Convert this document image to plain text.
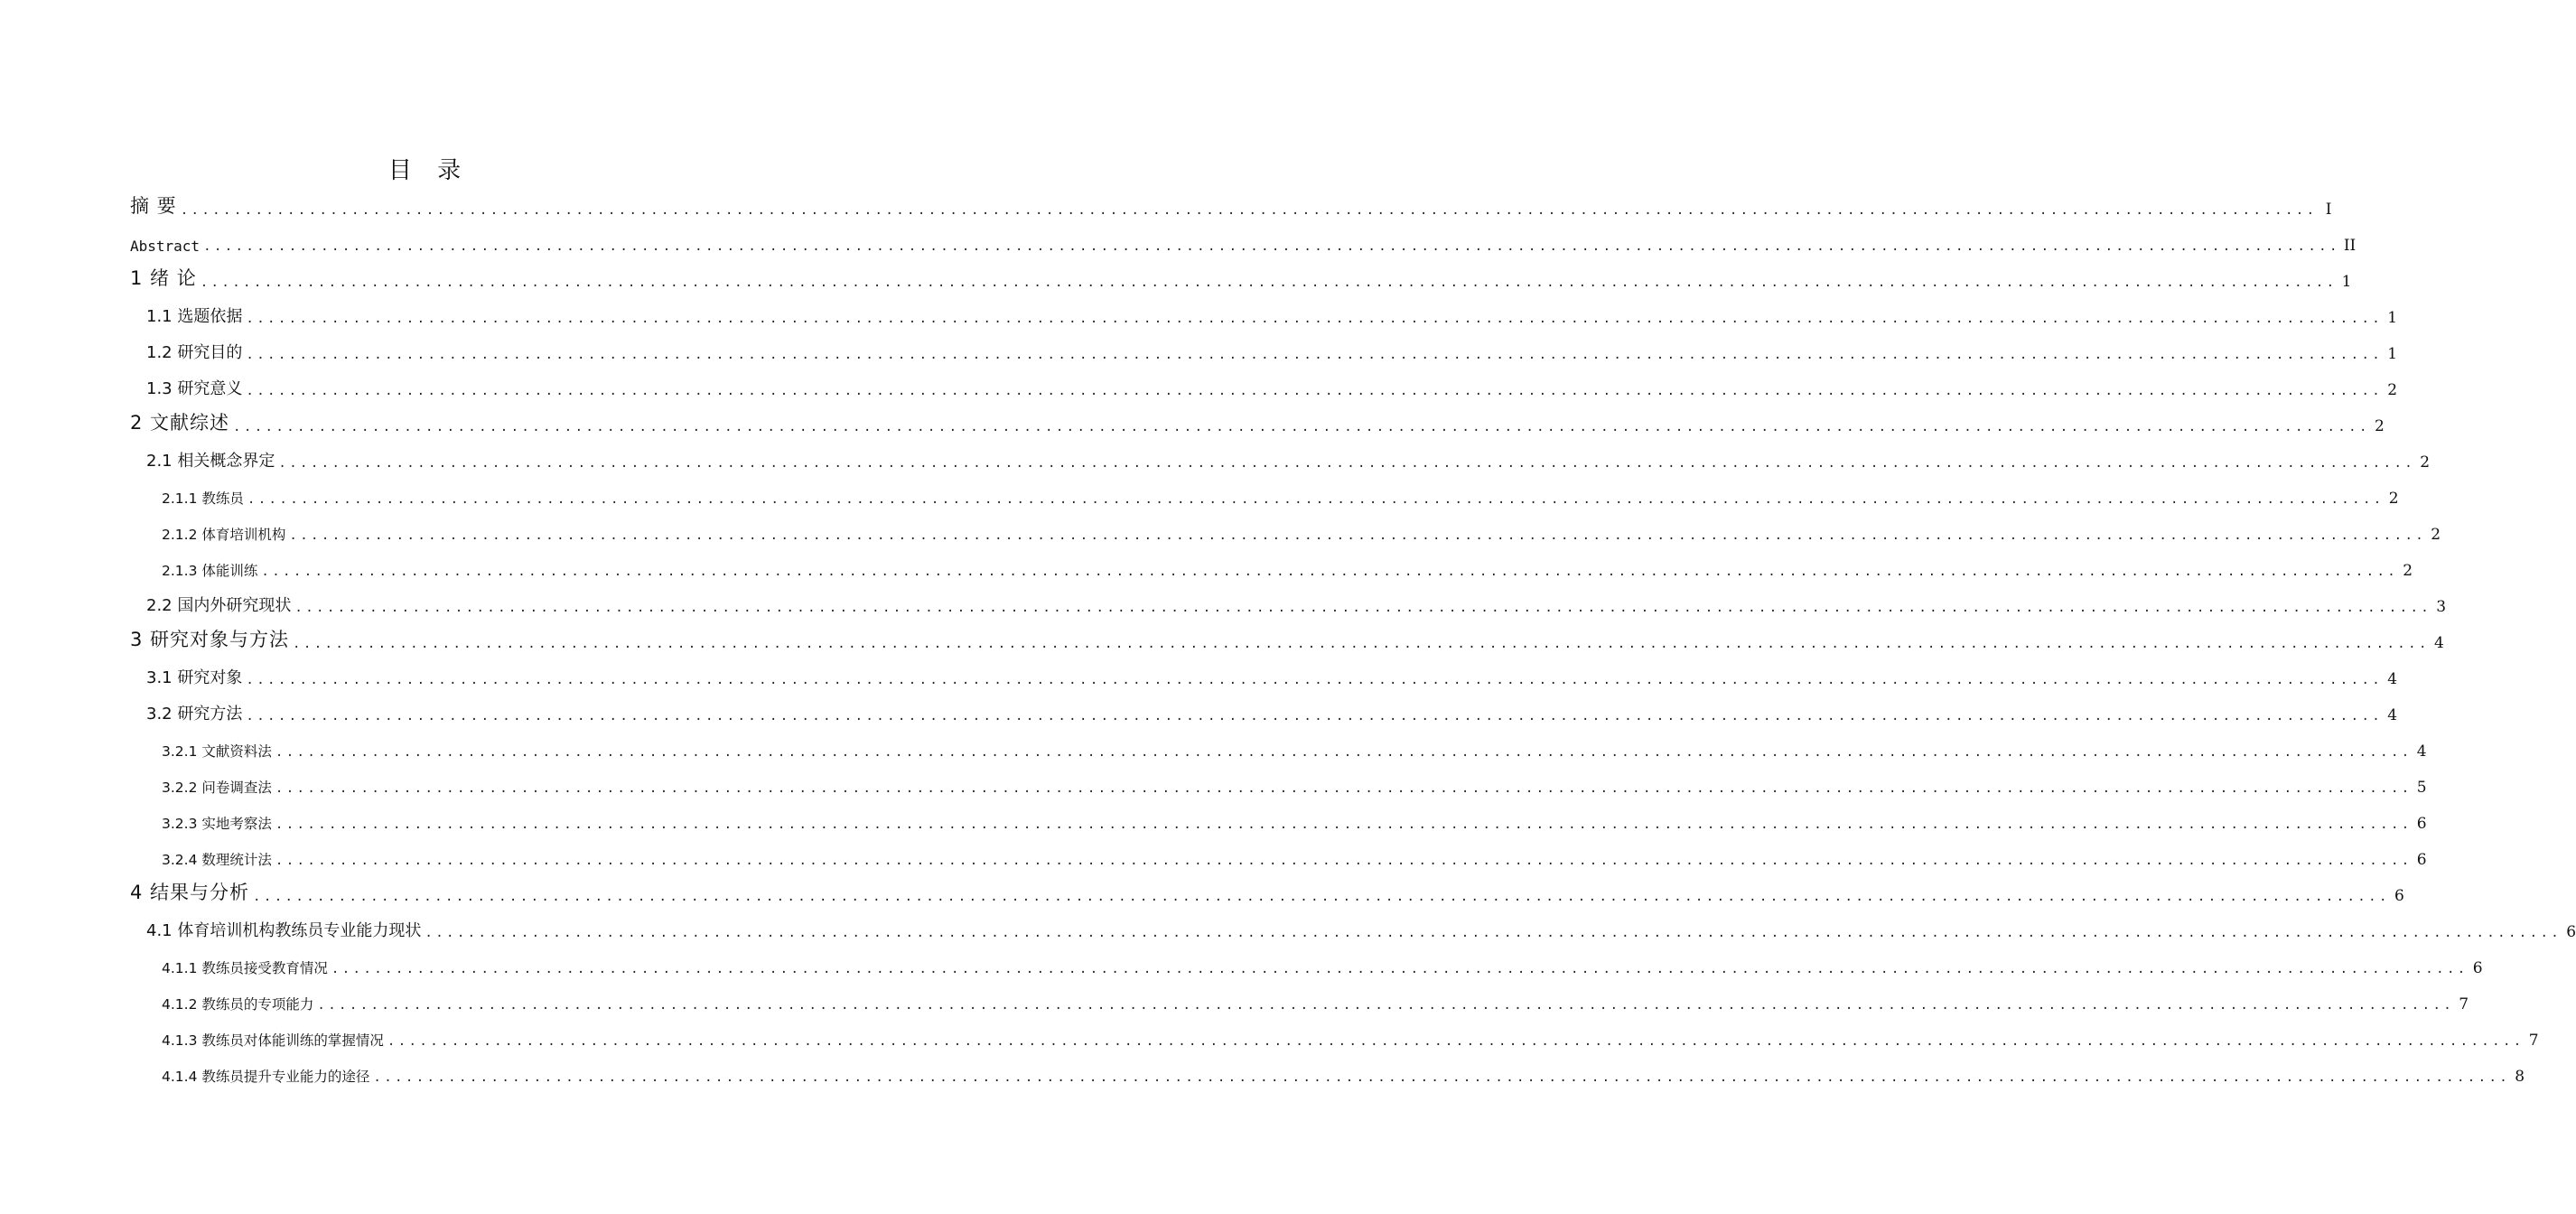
目 录
摘 要 ........................................................................................................................................................................................................ I
Abstract ........................................................................................................................................................................................................ II
1 绪 论 ........................................................................................................................................................................................................ 1
1.1 选题依据 ........................................................................................................................................................................................................ 1
1.2 研究目的 ........................................................................................................................................................................................................ 1
1.3 研究意义 ........................................................................................................................................................................................................ 2
2 文献综述 ........................................................................................................................................................................................................ 2
2.1 相关概念界定 ........................................................................................................................................................................................................ 2
2.1.1 教练员 ........................................................................................................................................................................................................ 2
2.1.2 体育培训机构 ........................................................................................................................................................................................................ 2
2.1.3 体能训练 ........................................................................................................................................................................................................ 2
2.2 国内外研究现状 ........................................................................................................................................................................................................ 3
3 研究对象与方法 ........................................................................................................................................................................................................ 4
3.1 研究对象 ........................................................................................................................................................................................................ 4
3.2 研究方法 ........................................................................................................................................................................................................ 4
3.2.1 文献资料法 ........................................................................................................................................................................................................ 4
3.2.2 问卷调查法 ........................................................................................................................................................................................................ 5
3.2.3 实地考察法 ........................................................................................................................................................................................................ 6
3.2.4 数理统计法 ........................................................................................................................................................................................................ 6
4 结果与分析 ........................................................................................................................................................................................................ 6
4.1 体育培训机构教练员专业能力现状 ........................................................................................................................................................................................................ 6
4.1.1 教练员接受教育情况 ........................................................................................................................................................................................................ 6
4.1.2 教练员的专项能力 ........................................................................................................................................................................................................ 7
4.1.3 教练员对体能训练的掌握情况 ........................................................................................................................................................................................................ 7
4.1.4 教练员提升专业能力的途径 ........................................................................................................................................................................................................ 8
